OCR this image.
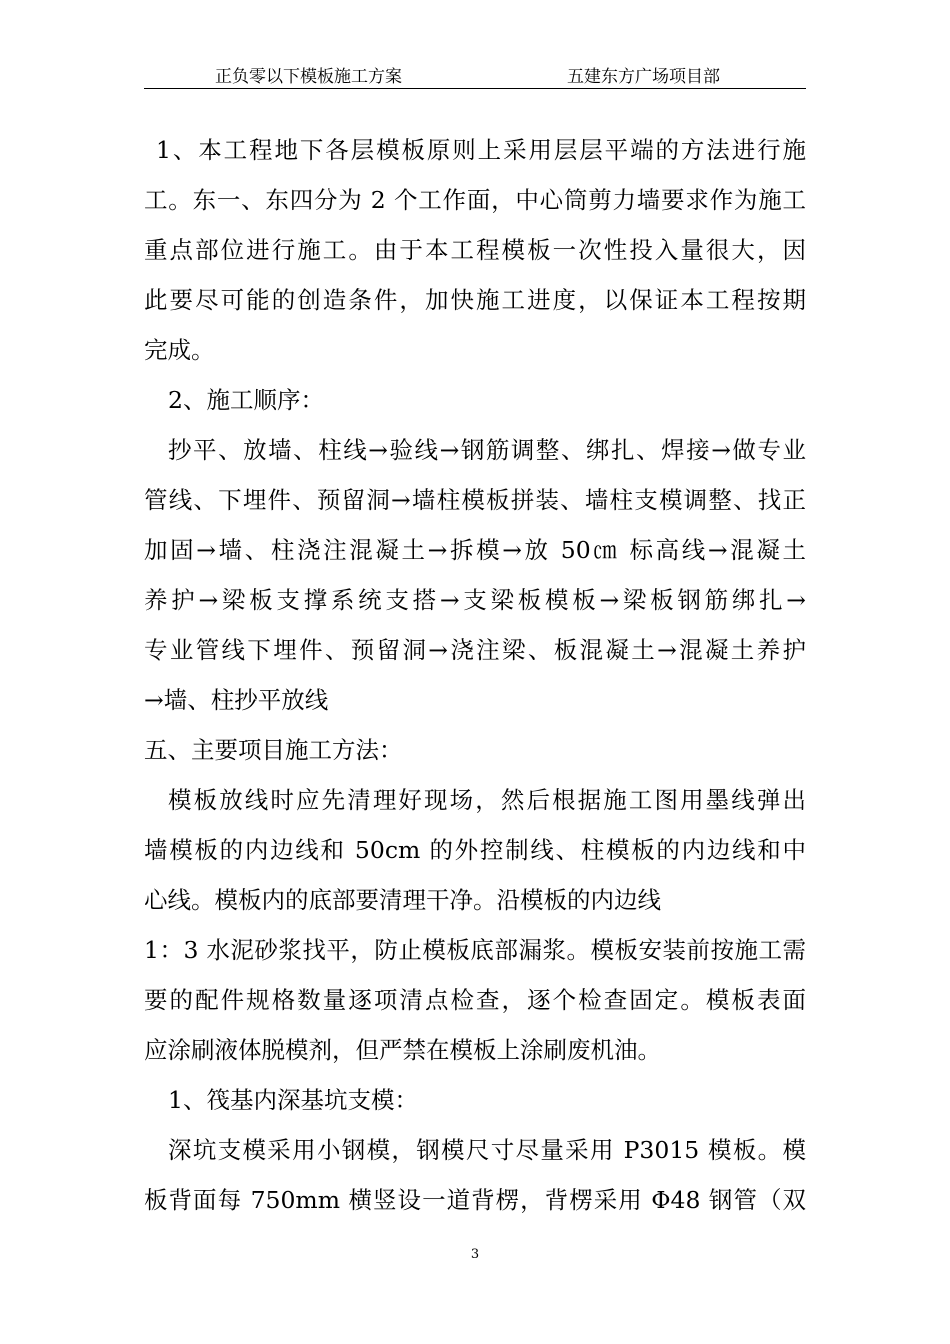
正负零以下模板施工方案	五建东方广场项目部
1、本工程地下各层模板原则上采用层层平端的方法进行施
工。东一、东四分为 2 个工作面，中心筒剪力墙要求作为施工
重点部位进行施工。由于本工程模板一次性投入量很大，因
此要尽可能的创造条件，加快施工进度，以保证本工程按期
完成。
2、施工顺序：
抄平、放墙、柱线→验线→钢筋调整、绑扎、焊接→做专业
管线、下埋件、预留洞→墙柱模板拼装、墙柱支模调整、找正
加固→墙、柱浇注混凝土→拆模→放 50㎝ 标高线→混凝土
养护→梁板支撑系统支搭→支梁板模板→梁板钢筋绑扎→
专业管线下埋件、预留洞→浇注梁、板混凝土→混凝土养护
→墙、柱抄平放线
五、主要项目施工方法：
模板放线时应先清理好现场，然后根据施工图用墨线弹出
墙模板的内边线和 50cm 的外控制线、柱模板的内边线和中
心线。模板内的底部要清理干净。沿模板的内边线
1：3 水泥砂浆找平，防止模板底部漏浆。模板安装前按施工需
要的配件规格数量逐项清点检查，逐个检查固定。模板表面
应涂刷液体脱模剂，但严禁在模板上涂刷废机油。
1、筏基内深基坑支模：
深坑支模采用小钢模，钢模尺寸尽量采用 P3015 模板。模
板背面每 750mm 横竖设一道背楞，背楞采用 Φ48 钢管（双
3
